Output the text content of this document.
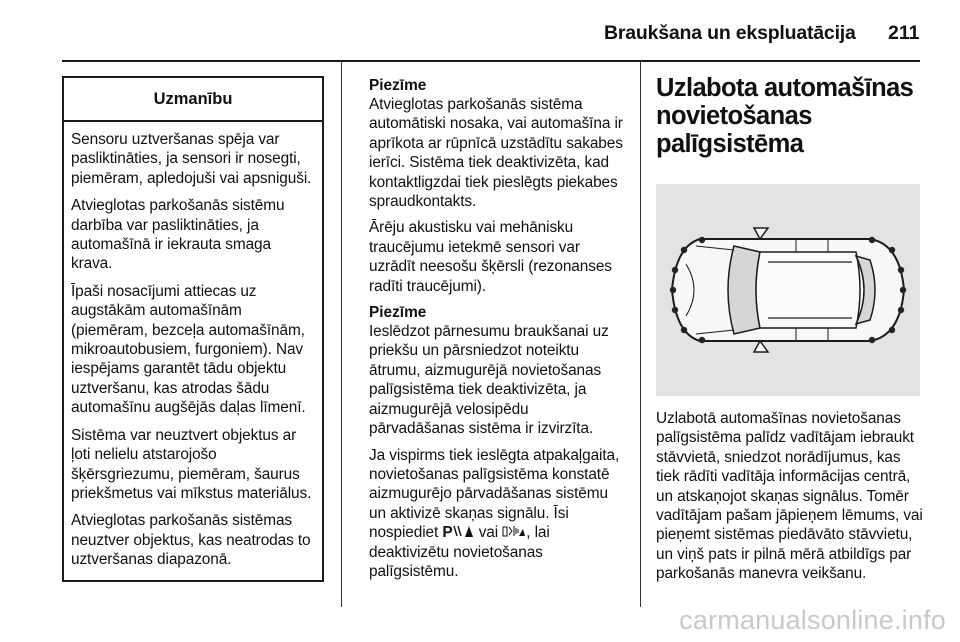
Braukšana un ekspluatācija 211
Uzmanību

Sensoru uztveršanas spēja var pasliktināties, ja sensori ir nosegti, piemēram, apledojuši vai apsniguši.

Atvieglotas parkošanās sistēmu darbība var pasliktināties, ja automašīnā ir iekrauta smaga krava.

Īpaši nosacījumi attiecas uz augstākām automašīnām (piemēram, bezceļa automašīnām, mikroautobusiem, furgoniem). Nav iespējams garantēt tādu objektu uztveršanu, kas atrodas šādu automašīnu augšējās daļas līmenī.

Sistēma var neuztvert objektus ar ļoti nelielu atstarojošo šķērsgriezumu, piemēram, šaurus priekšmetus vai mīkstus materiālus.

Atvieglotas parkošanās sistēmas neuztver objektus, kas neatrodas to uztveršanas diapazonā.

Piezīme

Atvieglotas parkošanās sistēma automātiski nosaka, vai automašīna ir aprīkota ar rūpnīcā uzstādītu sakabes ierīci. Sistēma tiek deaktivizēta, kad kontaktligzdai tiek pieslēgts piekabes spraudkontakts.

Ārēju akustisku vai mehānisku traucējumu ietekmē sensori var uzrādīt neesošu šķērsli (rezonanses radīti traucējumi).

Piezīme

Ieslēdzot pārnesumu braukšanai uz priekšu un pārsniedzot noteiktu ātrumu, aizmugurējā novietošanas palīgsistēma tiek deaktivizēta, ja aizmugurējā velosipēdu pārvadāšanas sistēma ir izvirzīta.

Ja vispirms tiek ieslēgta atpakaļgaita, novietošanas palīgsistēma konstatē aizmugurējo pārvadāšanas sistēmu un aktivizē skaņas signālu. Īsi nospiediet P vai , lai deaktivizētu novietošanas palīgsistēmu.

Uzlabota automašīnas novietošanas palīgsistēma

Uzlabotā automašīnas novietošanas palīgsistēma palīdz vadītājam iebraukt stāvvietā, sniedzot norādījumus, kas tiek rādīti vadītāja informācijas centrā, un atskaņojot skaņas signālus. Tomēr vadītājam pašam jāpieņem lēmums, vai pieņemt sistēmas piedāvāto stāvvietu, un viņš pats ir pilnā mērā atbildīgs par parkošanās manevra veikšanu.

carmanualsonline.info
